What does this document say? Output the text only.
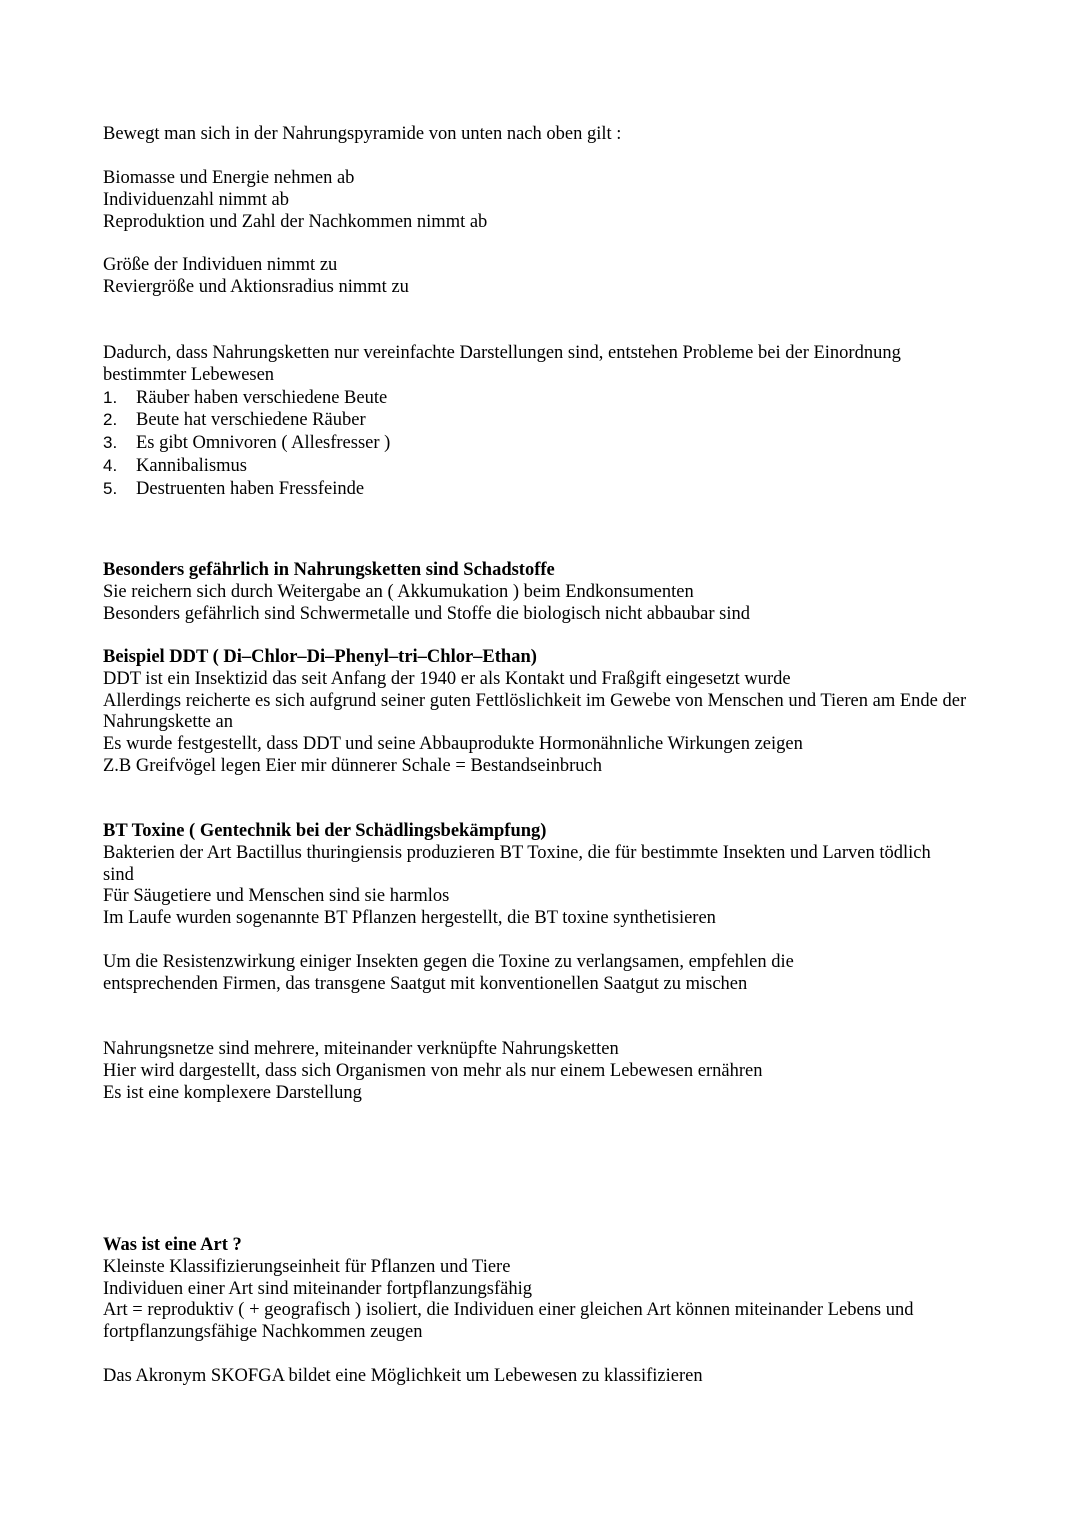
Bewegt man sich in der Nahrungspyramide von unten nach oben gilt :
Biomasse und Energie nehmen ab
Individuenzahl nimmt ab
Reproduktion und Zahl der Nachkommen nimmt ab
Größe der Individuen nimmt zu
Reviergröße und Aktionsradius nimmt zu
Dadurch, dass Nahrungsketten nur vereinfachte Darstellungen sind, entstehen Probleme bei der Einordnung bestimmter Lebewesen
1. Räuber haben verschiedene Beute
2. Beute hat verschiedene Räuber
3. Es gibt Omnivoren ( Allesfresser )
4. Kannibalismus
5. Destruenten haben Fressfeinde
Besonders gefährlich in Nahrungsketten sind Schadstoffe
Sie reichern sich durch Weitergabe an ( Akkumukation ) beim Endkonsumenten
Besonders gefährlich sind Schwermetalle und Stoffe die biologisch nicht abbaubar sind
Beispiel DDT ( Di–Chlor–Di–Phenyl–tri–Chlor–Ethan)
DDT ist ein Insektizid das seit Anfang der 1940 er als Kontakt und Fraßgift eingesetzt wurde
Allerdings reicherte es sich aufgrund seiner guten Fettlöslichkeit im Gewebe von Menschen und Tieren am Ende der Nahrungskette an
Es wurde festgestellt, dass DDT und seine Abbauprodukte Hormonähnliche Wirkungen zeigen
Z.B Greifvögel legen Eier mir dünnerer Schale = Bestandseinbruch
BT Toxine ( Gentechnik bei der Schädlingsbekämpfung)
Bakterien der Art Bactillus thuringiensis produzieren BT Toxine, die für bestimmte Insekten und Larven tödlich sind
Für Säugetiere und Menschen sind sie harmlos
Im Laufe wurden sogenannte BT Pflanzen hergestellt, die BT toxine synthetisieren
Um die Resistenzwirkung einiger Insekten gegen die Toxine zu verlangsamen, empfehlen die entsprechenden Firmen, das transgene Saatgut mit konventionellen Saatgut zu mischen
Nahrungsnetze sind mehrere, miteinander verknüpfte Nahrungsketten
Hier wird dargestellt, dass sich Organismen von mehr als nur einem Lebewesen ernähren
Es ist eine komplexere Darstellung
Was ist eine Art ?
Kleinste Klassifizierungseinheit für Pflanzen und Tiere
Individuen einer Art sind miteinander fortpflanzungsfähig
Art = reproduktiv ( + geografisch ) isoliert, die Individuen einer gleichen Art können miteinander Lebens und fortpflanzungsfähige Nachkommen zeugen
Das Akronym SKOFGA bildet eine Möglichkeit um Lebewesen zu klassifizieren
